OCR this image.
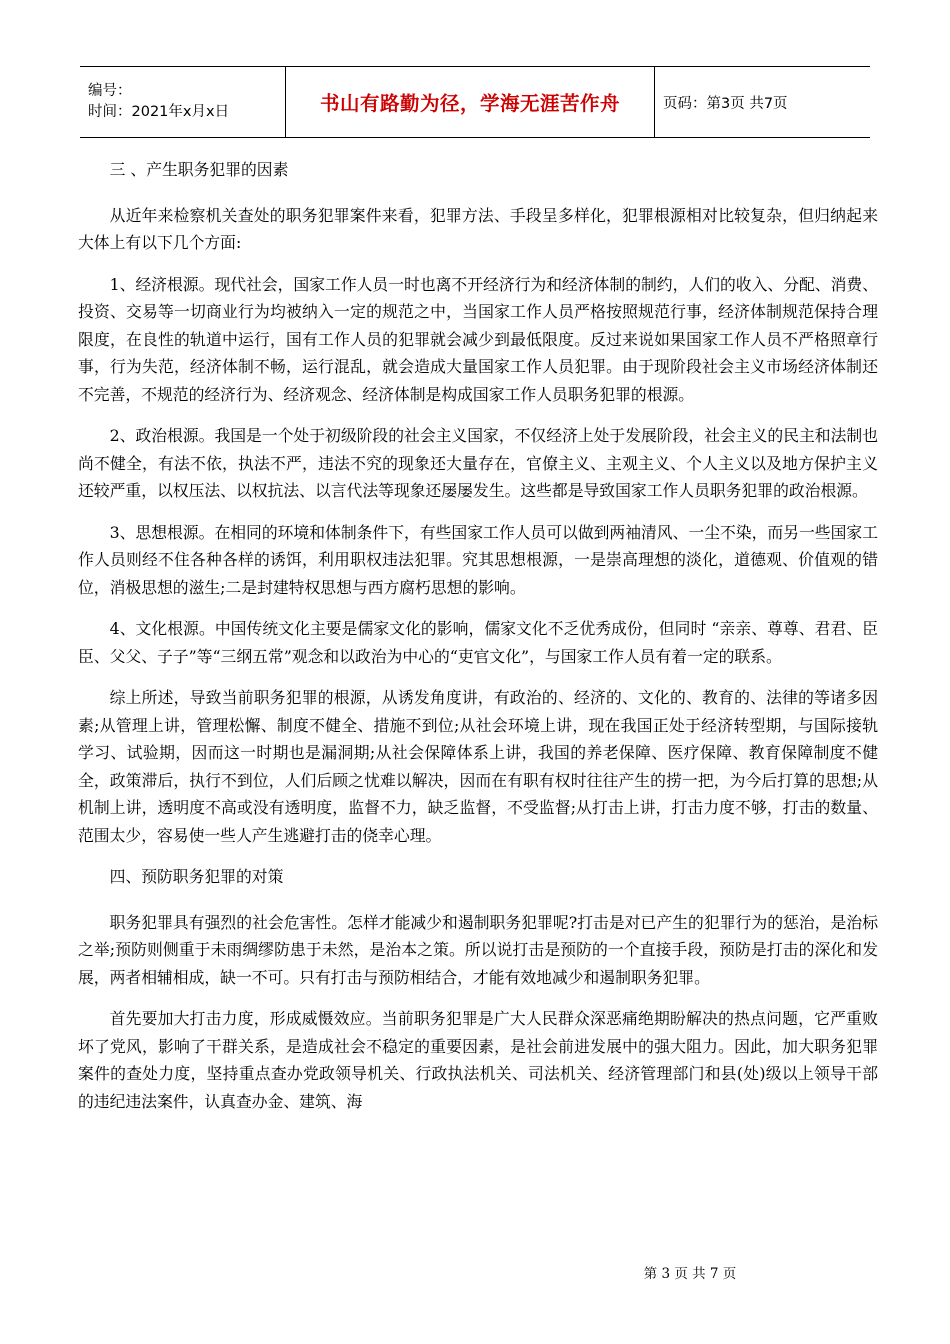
编号：
时间：2021年x月x日	书山有路勤为径，学海无涯苦作舟	页码：第3页 共7页

三 、产生职务犯罪的因素

从近年来检察机关查处的职务犯罪案件来看，犯罪方法、手段呈多样化，犯罪根源相对比较复杂，但归纳起来大体上有以下几个方面:

1、经济根源。现代社会，国家工作人员一时也离不开经济行为和经济体制的制约，人们的收入、分配、消费、投资、交易等一切商业行为均被纳入一定的规范之中，当国家工作人员严格按照规范行事，经济体制规范保持合理限度，在良性的轨道中运行，国有工作人员的犯罪就会减少到最低限度。反过来说如果国家工作人员不严格照章行事，行为失范，经济体制不畅，运行混乱，就会造成大量国家工作人员犯罪。由于现阶段社会主义市场经济体制还不完善，不规范的经济行为、经济观念、经济体制是构成国家工作人员职务犯罪的根源。

2、政治根源。我国是一个处于初级阶段的社会主义国家，不仅经济上处于发展阶段，社会主义的民主和法制也尚不健全，有法不依，执法不严，违法不究的现象还大量存在，官僚主义、主观主义、个人主义以及地方保护主义还较严重，以权压法、以权抗法、以言代法等现象还屡屡发生。这些都是导致国家工作人员职务犯罪的政治根源。

3、思想根源。在相同的环境和体制条件下，有些国家工作人员可以做到两袖清风、一尘不染，而另一些国家工作人员则经不住各种各样的诱饵，利用职权违法犯罪。究其思想根源，一是崇高理想的淡化，道德观、价值观的错位，消极思想的滋生;二是封建特权思想与西方腐朽思想的影响。

4、文化根源。中国传统文化主要是儒家文化的影响，儒家文化不乏优秀成份，但同时 “亲亲、尊尊、君君、臣臣、父父、子子”等“三纲五常”观念和以政治为中心的“吏官文化”，与国家工作人员有着一定的联系。

综上所述，导致当前职务犯罪的根源，从诱发角度讲，有政治的、经济的、文化的、教育的、法律的等诸多因素;从管理上讲，管理松懈、制度不健全、措施不到位;从社会环境上讲，现在我国正处于经济转型期，与国际接轨学习、试验期，因而这一时期也是漏洞期;从社会保障体系上讲，我国的养老保障、医疗保障、教育保障制度不健全，政策滞后，执行不到位，人们后顾之忧难以解决，因而在有职有权时往往产生的捞一把，为今后打算的思想;从机制上讲，透明度不高或没有透明度，监督不力，缺乏监督，不受监督;从打击上讲，打击力度不够，打击的数量、范围太少，容易使一些人产生逃避打击的侥幸心理。

四、预防职务犯罪的对策

职务犯罪具有强烈的社会危害性。怎样才能减少和遏制职务犯罪呢?打击是对已产生的犯罪行为的惩治，是治标之举;预防则侧重于未雨绸缪防患于未然，是治本之策。所以说打击是预防的一个直接手段，预防是打击的深化和发展，两者相辅相成，缺一不可。只有打击与预防相结合，才能有效地减少和遏制职务犯罪。

首先要加大打击力度，形成威慑效应。当前职务犯罪是广大人民群众深恶痛绝期盼解决的热点问题，它严重败坏了党风，影响了干群关系，是造成社会不稳定的重要因素，是社会前进发展中的强大阻力。因此，加大职务犯罪案件的查处力度，坚持重点查办党政领导机关、行政执法机关、司法机关、经济管理部门和县(处)级以上领导干部的违纪违法案件，认真查办金、建筑、海

第 3 页 共 7 页
